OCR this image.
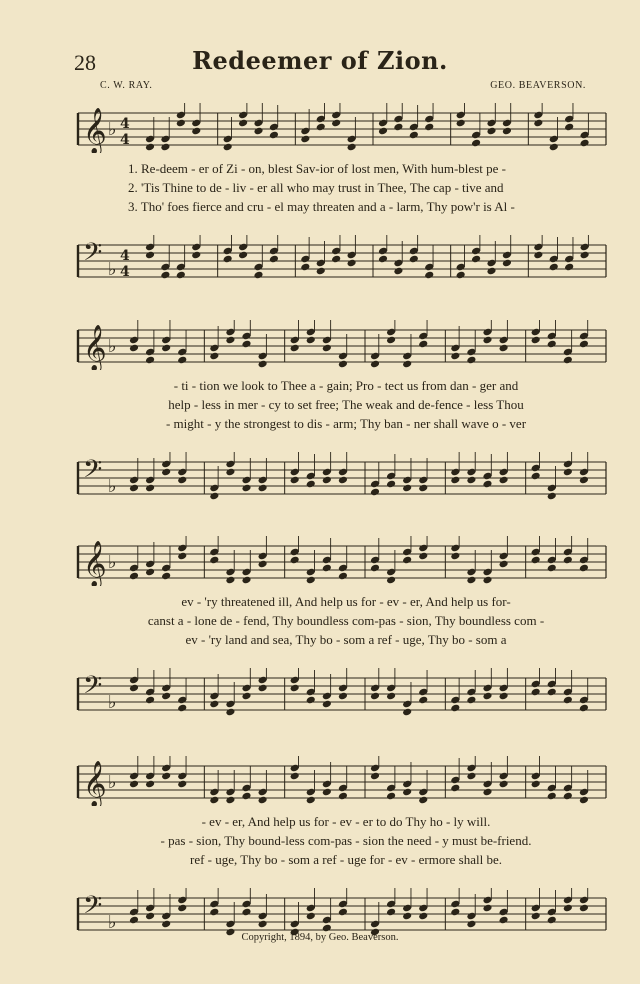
28	Redeemer of Zion.
C. W. RAY.	GEO. BEAVERSON.
𝄞 ♭ 4
4
1. Re-deem - er of Zi - on, blest Sav-ior of lost men, With hum-blest pe -
2. 'Tis Thine to de - liv - er all who may trust in Thee, The cap - tive and
3. Tho' foes fierce and cru - el may threaten and a - larm, Thy pow'r is Al -
𝄢 ♭
4
4
𝄞 ♭
- ti - tion we look to Thee a - gain; Pro - tect us from dan - ger and
help - less in mer - cy to set free; The weak and de-fence - less Thou
- might - y the strongest to dis - arm; Thy ban - ner shall wave o - ver
𝄢 ♭
𝄞 ♭
ev - 'ry threatened ill, And help us for - ev - er, And help us for-
canst a - lone de - fend, Thy boundless com-pas - sion, Thy boundless com -
ev - 'ry land and sea, Thy bo - som a ref - uge, Thy bo - som a
𝄢 ♭
𝄞 ♭
- ev - er, And help us for - ev - er to do Thy ho - ly will.
- pas - sion, Thy bound-less com-pas - sion the need - y must be-friend.
ref - uge, Thy bo - som a ref - uge for - ev - ermore shall be.
𝄢 ♭
Copyright, 1894, by Geo. Beaverson.
